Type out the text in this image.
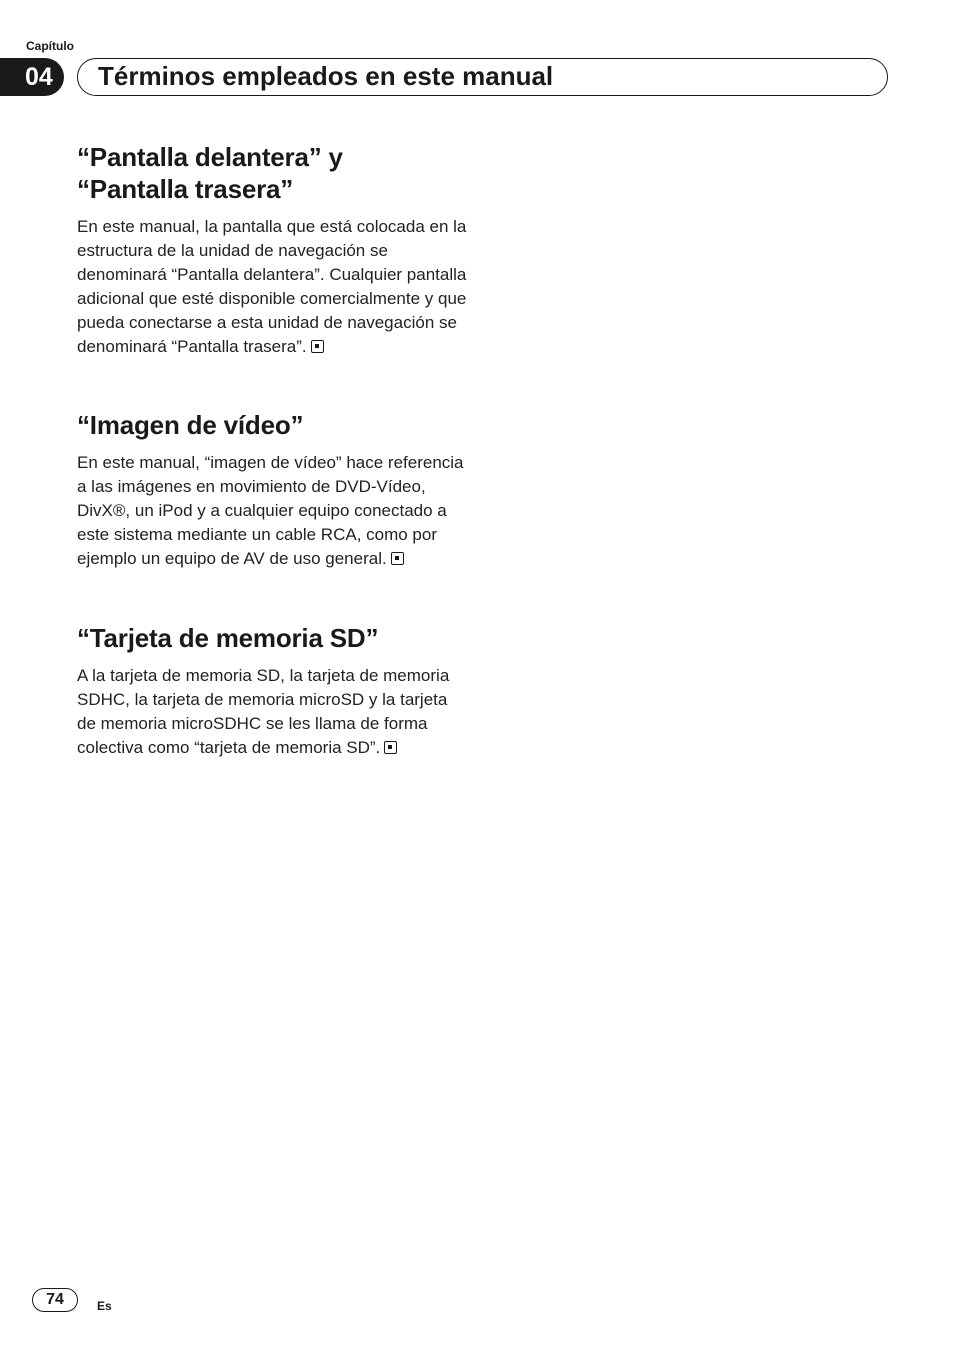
Capítulo
04	Términos empleados en este manual
“Pantalla delantera” y
“Pantalla trasera”

En este manual, la pantalla que está colocada en la estructura de la unidad de navegación se denominará “Pantalla delantera”. Cualquier pantalla adicional que esté disponible comercialmente y que pueda conectarse a esta unidad de navegación se denominará “Pantalla trasera”.

“Imagen de vídeo”

En este manual, “imagen de vídeo” hace referencia a las imágenes en movimiento de DVD-Vídeo, DivX®, un iPod y a cualquier equipo conectado a este sistema mediante un cable RCA, como por ejemplo un equipo de AV de uso general.

“Tarjeta de memoria SD”

A la tarjeta de memoria SD, la tarjeta de memoria SDHC, la tarjeta de memoria microSD y la tarjeta de memoria microSDHC se les llama de forma colectiva como “tarjeta de memoria SD”.

74	Es
